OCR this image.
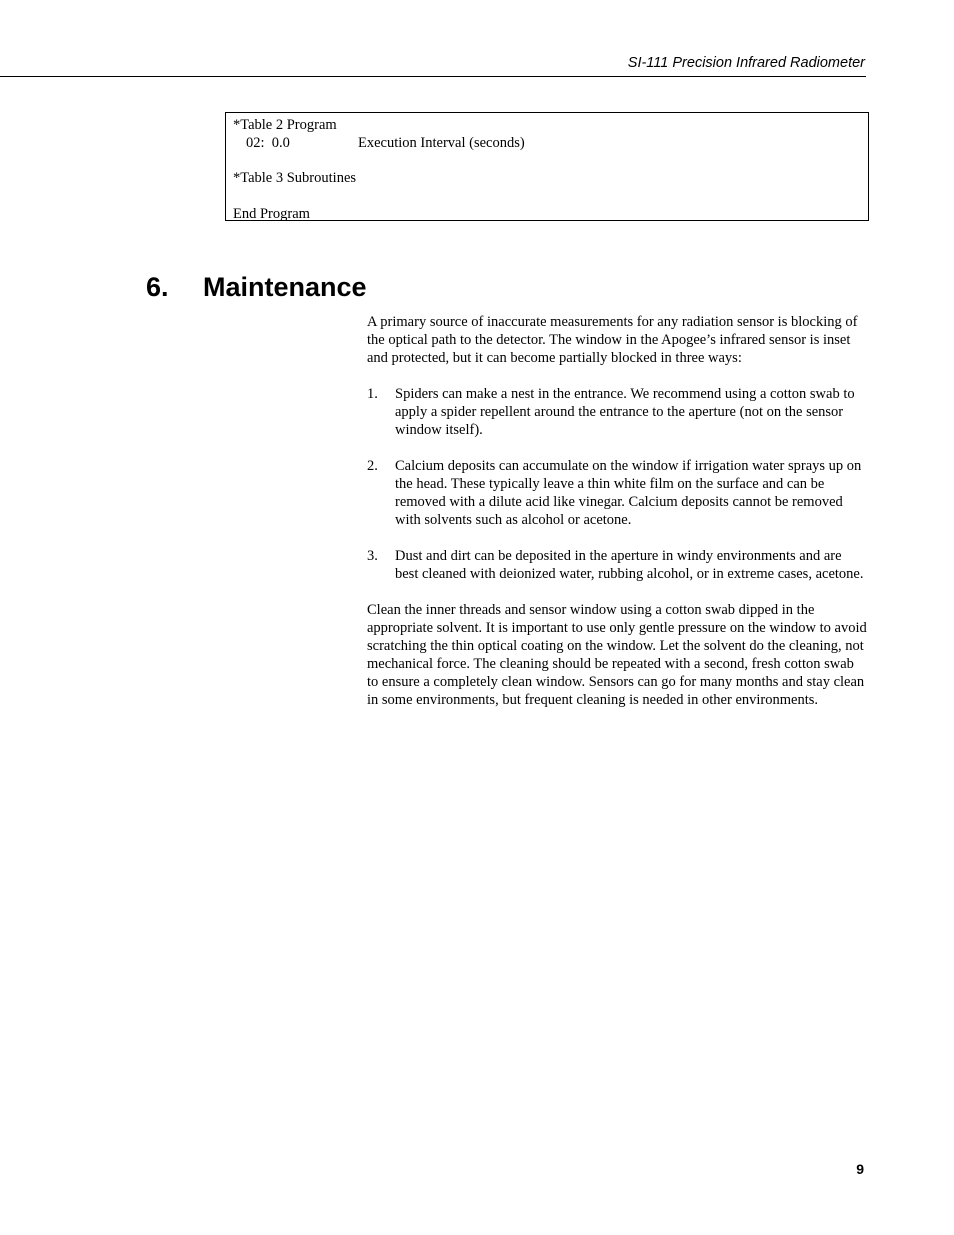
SI-111 Precision Infrared Radiometer
*Table 2 Program
02:  0.0	Execution Interval (seconds)
*Table 3 Subroutines
End Program
6. Maintenance

A primary source of inaccurate measurements for any radiation sensor is blocking of the optical path to the detector. The window in the Apogee’s infrared sensor is inset and protected, but it can become partially blocked in three ways:

1. Spiders can make a nest in the entrance. We recommend using a cotton swab to apply a spider repellent around the entrance to the aperture (not on the sensor window itself).
2. Calcium deposits can accumulate on the window if irrigation water sprays up on the head. These typically leave a thin white film on the surface and can be removed with a dilute acid like vinegar. Calcium deposits cannot be removed with solvents such as alcohol or acetone.
3. Dust and dirt can be deposited in the aperture in windy environments and are best cleaned with deionized water, rubbing alcohol, or in extreme cases, acetone.

Clean the inner threads and sensor window using a cotton swab dipped in the appropriate solvent. It is important to use only gentle pressure on the window to avoid scratching the thin optical coating on the window. Let the solvent do the cleaning, not mechanical force. The cleaning should be repeated with a second, fresh cotton swab to ensure a completely clean window. Sensors can go for many months and stay clean in some environments, but frequent cleaning is needed in other environments.

9
